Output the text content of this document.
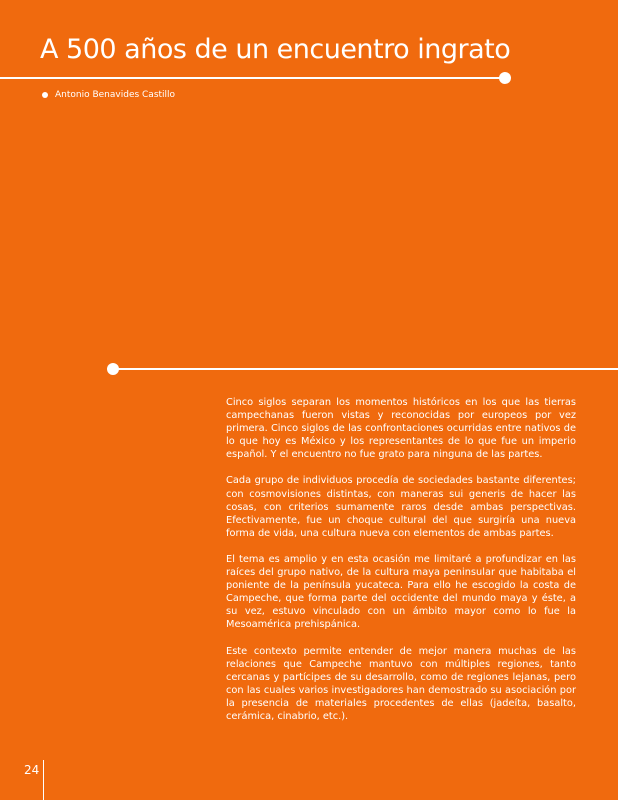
A 500 años de un encuentro ingrato
Antonio Benavides Castillo

Cinco siglos separan los momentos históricos en los que las tierras campechanas fueron vistas y reconocidas por europeos por vez primera. Cinco siglos de las confrontaciones ocurridas entre nativos de lo que hoy es México y los representantes de lo que fue un imperio español. Y el encuentro no fue grato para ninguna de las partes.

Cada grupo de individuos procedía de sociedades bastante diferentes; con cosmovisiones distintas, con maneras sui generis de hacer las cosas, con criterios sumamente raros desde ambas perspectivas. Efectivamente, fue un choque cultural del que surgiría una nueva forma de vida, una cultura nueva con elementos de ambas partes.

El tema es amplio y en esta ocasión me limitaré a profundizar en las raíces del grupo nativo, de la cultura maya peninsular que habitaba el poniente de la península yucateca. Para ello he escogido la costa de Campeche, que forma parte del occidente del mundo maya y éste, a su vez, estuvo vinculado con un ámbito mayor como lo fue la Mesoamérica prehispánica.

Este contexto permite entender de mejor manera muchas de las relaciones que Campeche mantuvo con múltiples regiones, tanto cercanas y partícipes de su desarrollo, como de regiones lejanas, pero con las cuales varios investigadores han demostrado su asociación por la presencia de materiales procedentes de ellas (jadeíta, basalto, cerámica, cinabrio, etc.).

24
